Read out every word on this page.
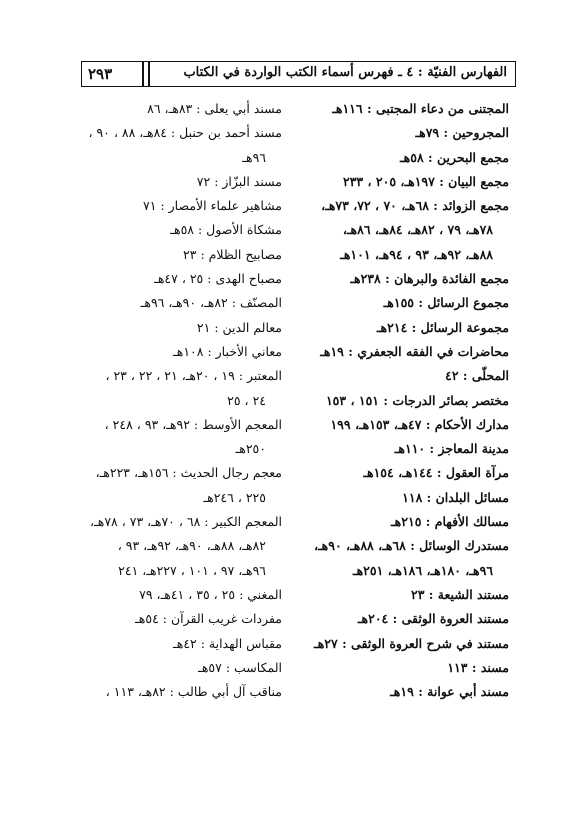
الفهارس الفنيّة : ٤ ـ فهرس أسماء الكتب الواردة في الكتاب
٢٩٣
المجتنى من دعاء المجتبى : ١١٦هـ
المجروحين : ٧٩هـ
مجمع البحرين : ٥٨هـ
مجمع البيان : ١٩٧هـ، ٢٠٥ ، ٢٣٣
مجمع الزوائد : ٦٨هـ، ٧٠ ، ٧٢، ٧٣هـ،
٧٨هـ، ٧٩ ، ٨٢هـ، ٨٤هـ، ٨٦هـ،
٨٨هـ، ٩٢هـ، ٩٣ ، ٩٤هـ، ١٠١هـ
مجمع الفائدة والبرهان : ٢٣٨هـ
مجموع الرسائل : ١٥٥هـ
مجموعة الرسائل : ٢١٤هـ
محاضرات في الفقه الجعفري : ١٩هـ
المحلّى : ٤٢
مختصر بصائر الدرجات : ١٥١ ، ١٥٣
مدارك الأحكام : ٤٧هـ، ١٥٣هـ، ١٩٩
مدينة المعاجز : ١١٠هـ
مرآة العقول : ١٤٤هـ، ١٥٤هـ
مسائل البلدان : ١١٨
مسالك الأفهام : ٢١٥هـ
مستدرك الوسائل : ٦٨هـ، ٨٨هـ، ٩٠هـ،
٩٦هـ، ١٨٠هـ، ١٨٦هـ، ٢٥١هـ
مستند الشيعة : ٢٣
مستند العروة الوثقى : ٢٠٤هـ
مستند في شرح العروة الوثقى : ٢٧هـ
مسند : ١١٣
مسند أبي عوانة : ١٩هـ
مسند أبي يعلى : ٨٣هـ، ٨٦
مسند أحمد بن حنبل : ٨٤هـ، ٨٨ ، ٩٠ ،
٩٦هـ
مسند البزّاز : ٧٢
مشاهير علماء الأمصار : ٧١
مشكاة الأصول : ٥٨هـ
مصابيح الظلام : ٢٣
مصباح الهدى : ٢٥ ، ٤٧هـ
المصنّف : ٨٢هـ، ٩٠هـ، ٩٦هـ
معالم الدين : ٢١
معاني الأخبار : ١٠٨هـ
المعتبر : ١٩ ، ٢٠هـ، ٢١ ، ٢٢ ، ٢٣ ،
٢٤ ، ٢٥
المعجم الأوسط : ٩٢هـ، ٩٣ ، ٢٤٨ ،
٢٥٠هـ
معجم رجال الحديث : ١٥٦هـ، ٢٢٣هـ،
٢٢٥ ، ٢٤٦هـ
المعجم الكبير : ٦٨ ، ٧٠هـ، ٧٣ ، ٧٨هـ،
٨٢هـ، ٨٨هـ، ٩٠هـ، ٩٢هـ، ٩٣ ،
٩٦هـ، ٩٧ ، ١٠١ ، ٢٢٧هـ، ٢٤١
المغني : ٢٥ ، ٣٥ ، ٤١هـ، ٧٩
مفردات غريب القرآن : ٥٤هـ
مقباس الهداية : ٤٢هـ
المكاسب : ٥٧هـ
مناقب آل أبي طالب : ٨٢هـ، ١١٣ ،
